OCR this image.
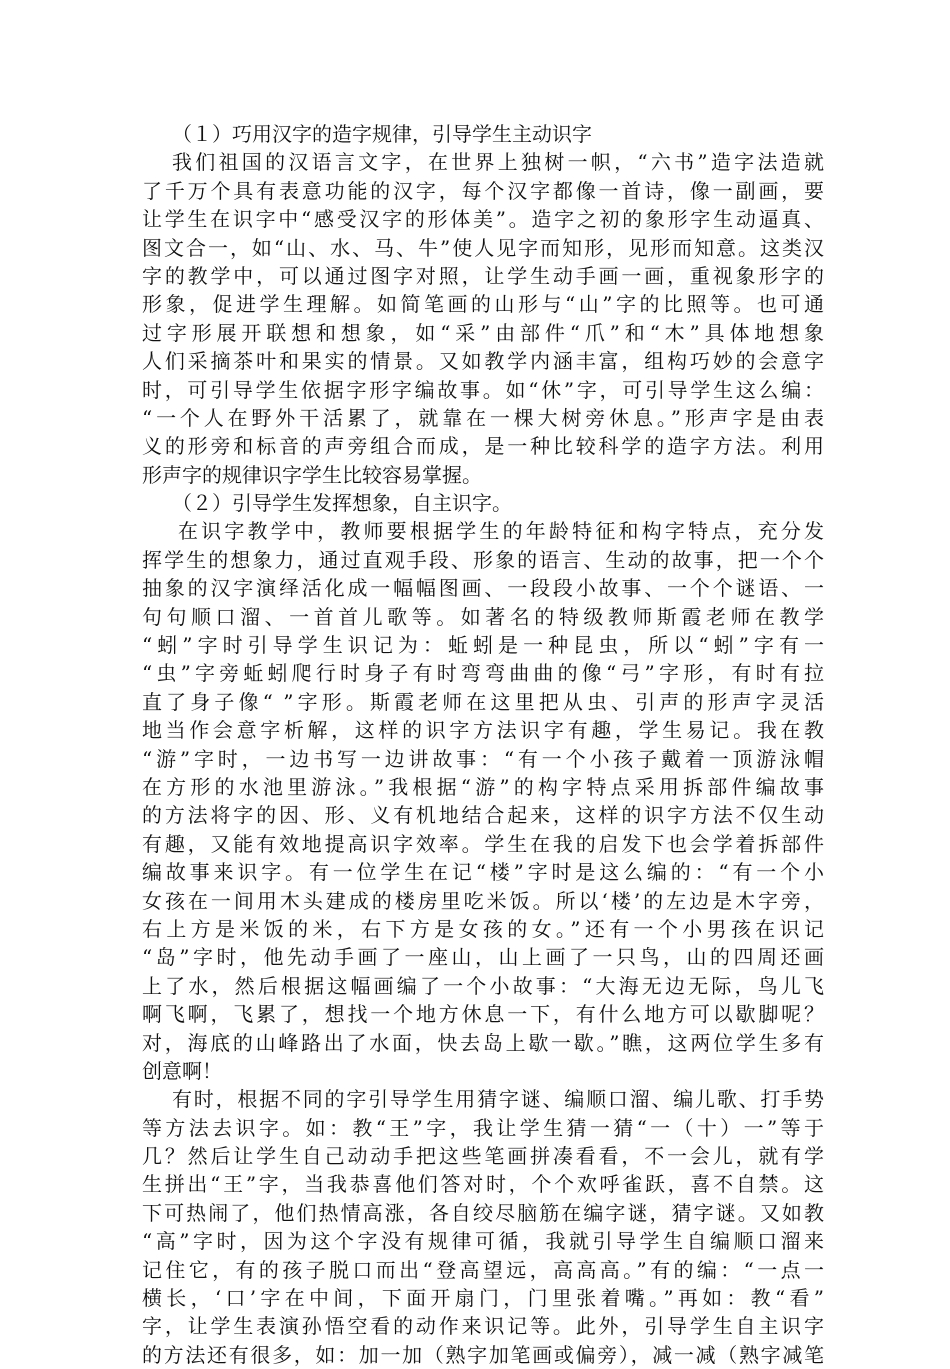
（１）巧用汉字的造字规律，引导学生主动识字
我们祖国的汉语言文字，在世界上独树一帜，“六书”造字法造就
了千万个具有表意功能的汉字，每个汉字都像一首诗，像一副画，要
让学生在识字中“感受汉字的形体美”。造字之初的象形字生动逼真、
图文合一，如“山、水、马、牛”使人见字而知形，见形而知意。这类汉
字的教学中，可以通过图字对照，让学生动手画一画，重视象形字的
形象，促进学生理解。如简笔画的山形与“山”字的比照等。也可通
过字形展开联想和想象，如“采”由部件“爪”和“木”具体地想象
人们采摘茶叶和果实的情景。又如教学内涵丰富，组构巧妙的会意字
时，可引导学生依据字形字编故事。如“休”字，可引导学生这么编：
“一个人在野外干活累了，就靠在一棵大树旁休息。”形声字是由表
义的形旁和标音的声旁组合而成，是一种比较科学的造字方法。利用
形声字的规律识字学生比较容易掌握。
（２）引导学生发挥想象，自主识字。
在识字教学中，教师要根据学生的年龄特征和构字特点，充分发
挥学生的想象力，通过直观手段、形象的语言、生动的故事，把一个个
抽象的汉字演绎活化成一幅幅图画、一段段小故事、一个个谜语、一
句句顺口溜、一首首儿歌等。如著名的特级教师斯霞老师在教学
“蚓”字时引导学生识记为：蚯蚓是一种昆虫，所以“蚓”字有一
“虫”字旁蚯蚓爬行时身子有时弯弯曲曲的像“弓”字形，有时有拉
直了身子像“ ”字形。斯霞老师在这里把从虫、引声的形声字灵活
地当作会意字析解，这样的识字方法识字有趣，学生易记。我在教
“游”字时，一边书写一边讲故事：“有一个小孩子戴着一顶游泳帽
在方形的水池里游泳。”我根据“游”的构字特点采用拆部件编故事
的方法将字的因、形、义有机地结合起来，这样的识字方法不仅生动
有趣，又能有效地提高识字效率。学生在我的启发下也会学着拆部件
编故事来识字。有一位学生在记“楼”字时是这么编的：“有一个小
女孩在一间用木头建成的楼房里吃米饭。所以‘楼’的左边是木字旁，
右上方是米饭的米，右下方是女孩的女。”还有一个小男孩在识记
“岛”字时，他先动手画了一座山，山上画了一只鸟，山的四周还画
上了水，然后根据这幅画编了一个小故事：“大海无边无际，鸟儿飞
啊飞啊，飞累了，想找一个地方休息一下，有什么地方可以歇脚呢？
对，海底的山峰路出了水面，快去岛上歇一歇。”瞧，这两位学生多有
创意啊！
有时，根据不同的字引导学生用猜字谜、编顺口溜、编儿歌、打手势
等方法去识字。如：教“王”字，我让学生猜一猜“一（十）一”等于
几？然后让学生自己动动手把这些笔画拼凑看看，不一会儿，就有学
生拼出“王”字，当我恭喜他们答对时，个个欢呼雀跃，喜不自禁。这
下可热闹了，他们热情高涨，各自绞尽脑筋在编字谜，猜字谜。又如教
“高”字时，因为这个字没有规律可循，我就引导学生自编顺口溜来
记住它，有的孩子脱口而出“登高望远，高高高。”有的编：“一点一
横长，‘口’字在中间，下面开扇门，门里张着嘴。”再如：教“看”
字，让学生表演孙悟空看的动作来识记等。此外，引导学生自主识字
的方法还有很多，如：加一加（熟字加笔画或偏旁），减一减（熟字减笔
